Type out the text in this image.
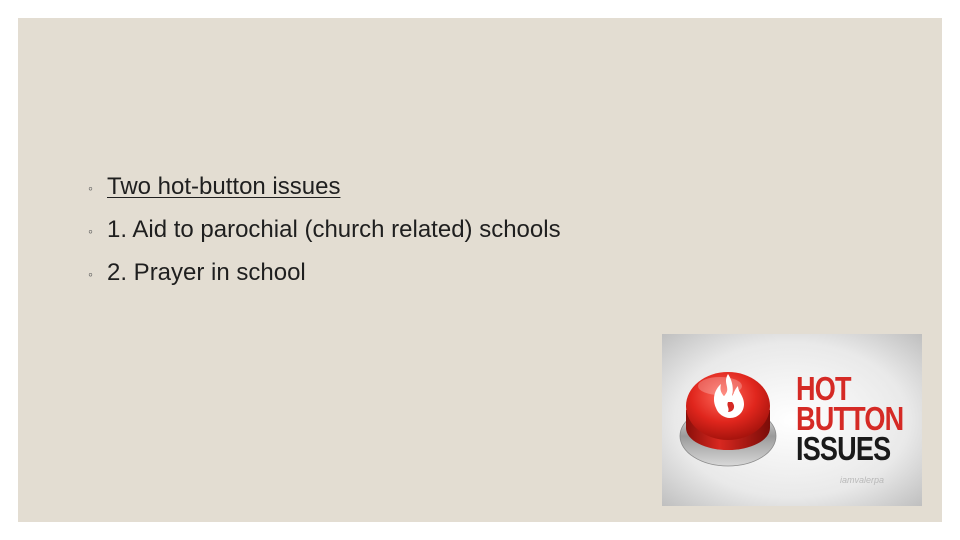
◦ Two hot-button issues
◦ 1. Aid to parochial (church related) schools
◦ 2. Prayer in school
HOT
BUTTON
ISSUES
iamvalerpa
